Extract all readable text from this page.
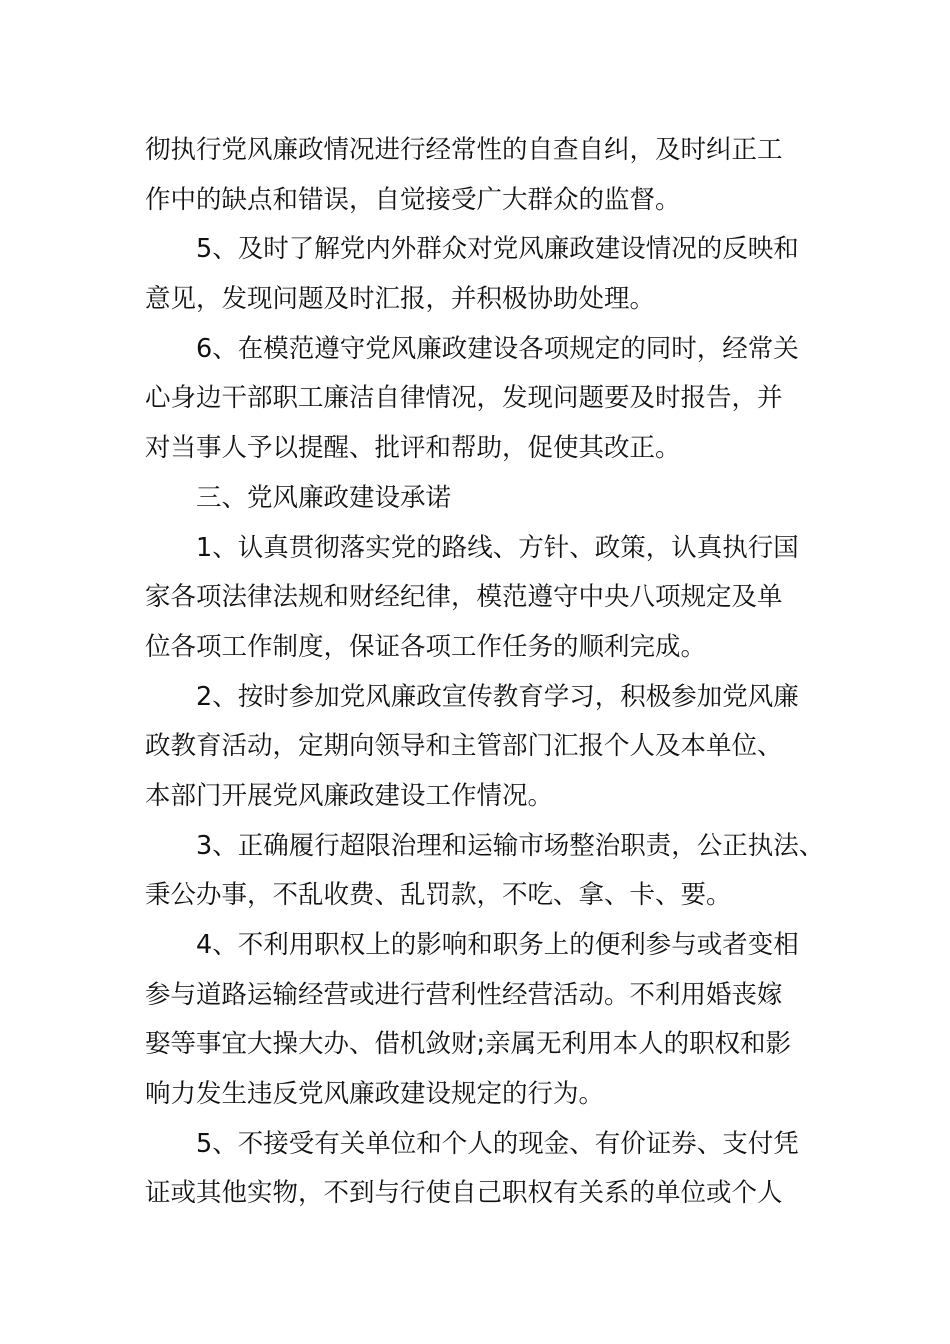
彻执行党风廉政情况进行经常性的自查自纠，及时纠正工
作中的缺点和错误，自觉接受广大群众的监督。
5、及时了解党内外群众对党风廉政建设情况的反映和
意见，发现问题及时汇报，并积极协助处理。
6、在模范遵守党风廉政建设各项规定的同时，经常关
心身边干部职工廉洁自律情况，发现问题要及时报告，并
对当事人予以提醒、批评和帮助，促使其改正。
三、党风廉政建设承诺
1、认真贯彻落实党的路线、方针、政策，认真执行国
家各项法律法规和财经纪律，模范遵守中央八项规定及单
位各项工作制度，保证各项工作任务的顺利完成。
2、按时参加党风廉政宣传教育学习，积极参加党风廉
政教育活动，定期向领导和主管部门汇报个人及本单位、
本部门开展党风廉政建设工作情况。
3、正确履行超限治理和运输市场整治职责，公正执法、
秉公办事，不乱收费、乱罚款，不吃、拿、卡、要。
4、不利用职权上的影响和职务上的便利参与或者变相
参与道路运输经营或进行营利性经营活动。不利用婚丧嫁
娶等事宜大操大办、借机敛财;亲属无利用本人的职权和影
响力发生违反党风廉政建设规定的行为。
5、不接受有关单位和个人的现金、有价证券、支付凭
证或其他实物，不到与行使自己职权有关系的单位或个人
